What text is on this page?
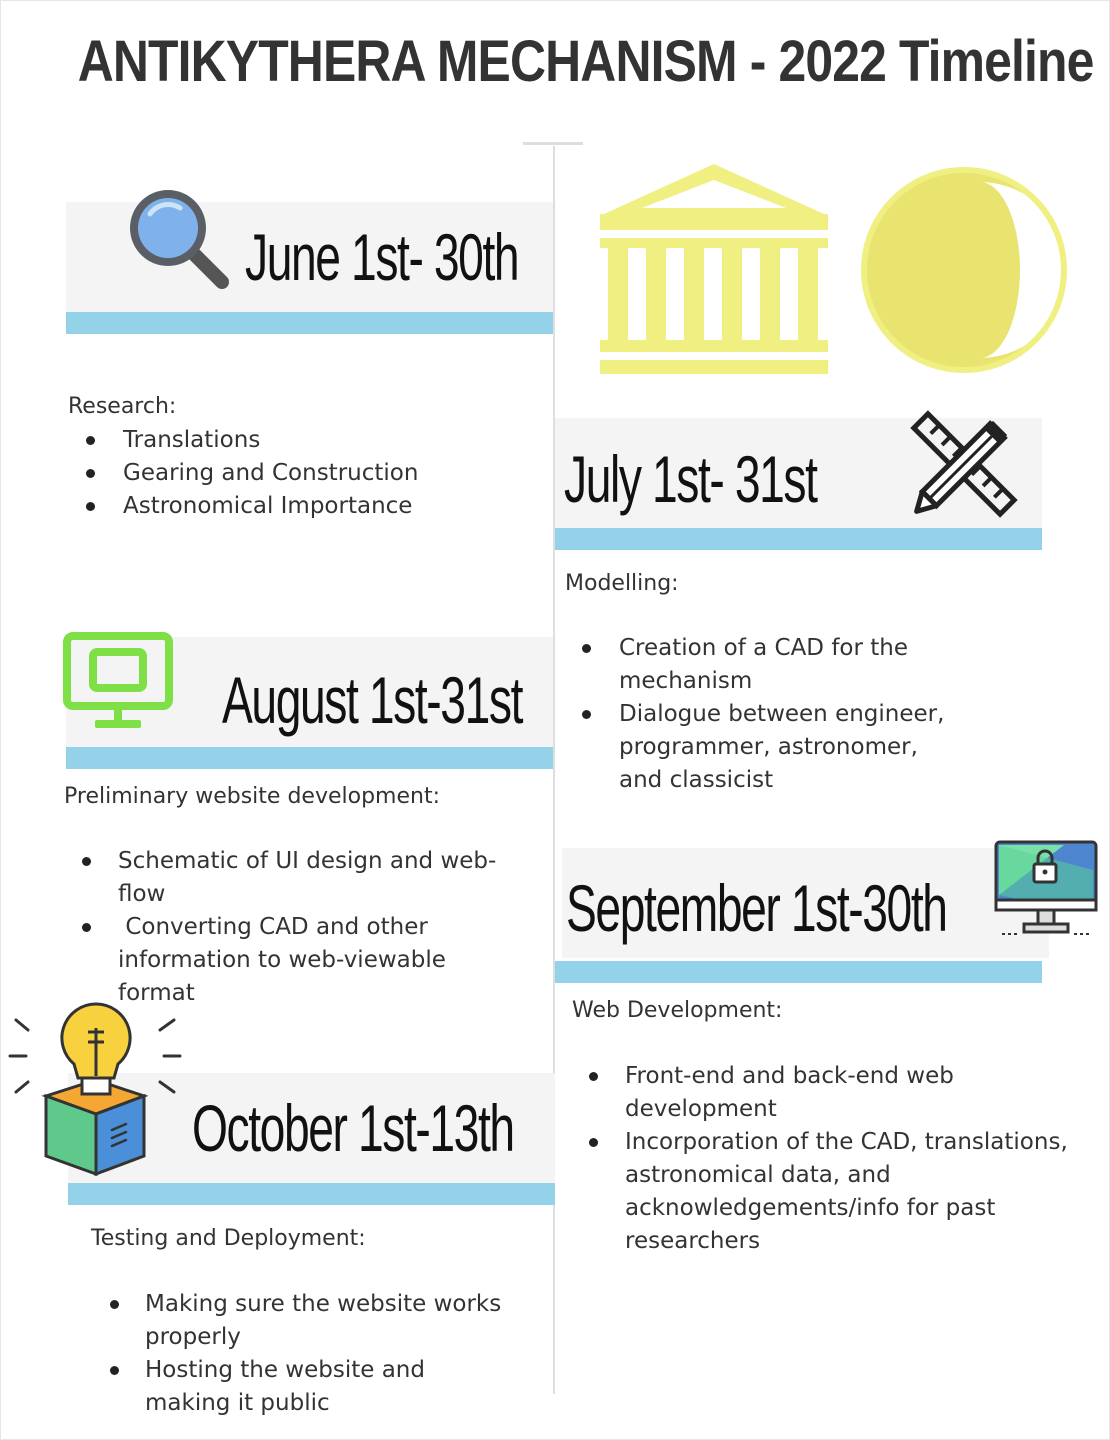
ANTIKYTHERA MECHANISM - 2022 Timeline
June 1st- 30th
Research:
Translations
Gearing and Construction
Astronomical Importance	July 1st- 31st
Modelling:
Creation of a CAD for the mechanism
Dialogue between engineer, programmer, astronomer, and classicist
August 1st-31st
Preliminary website development:
Schematic of UI design and web-flow
Converting CAD and other information to web-viewable format
September 1st-30th
Web Development:
Front-end and back-end web development
Incorporation of the CAD, translations, astronomical data, and acknowledgements/info for past researchers
October 1st-13th
Testing and Deployment:
Making sure the website works properly
Hosting the website and making it public
